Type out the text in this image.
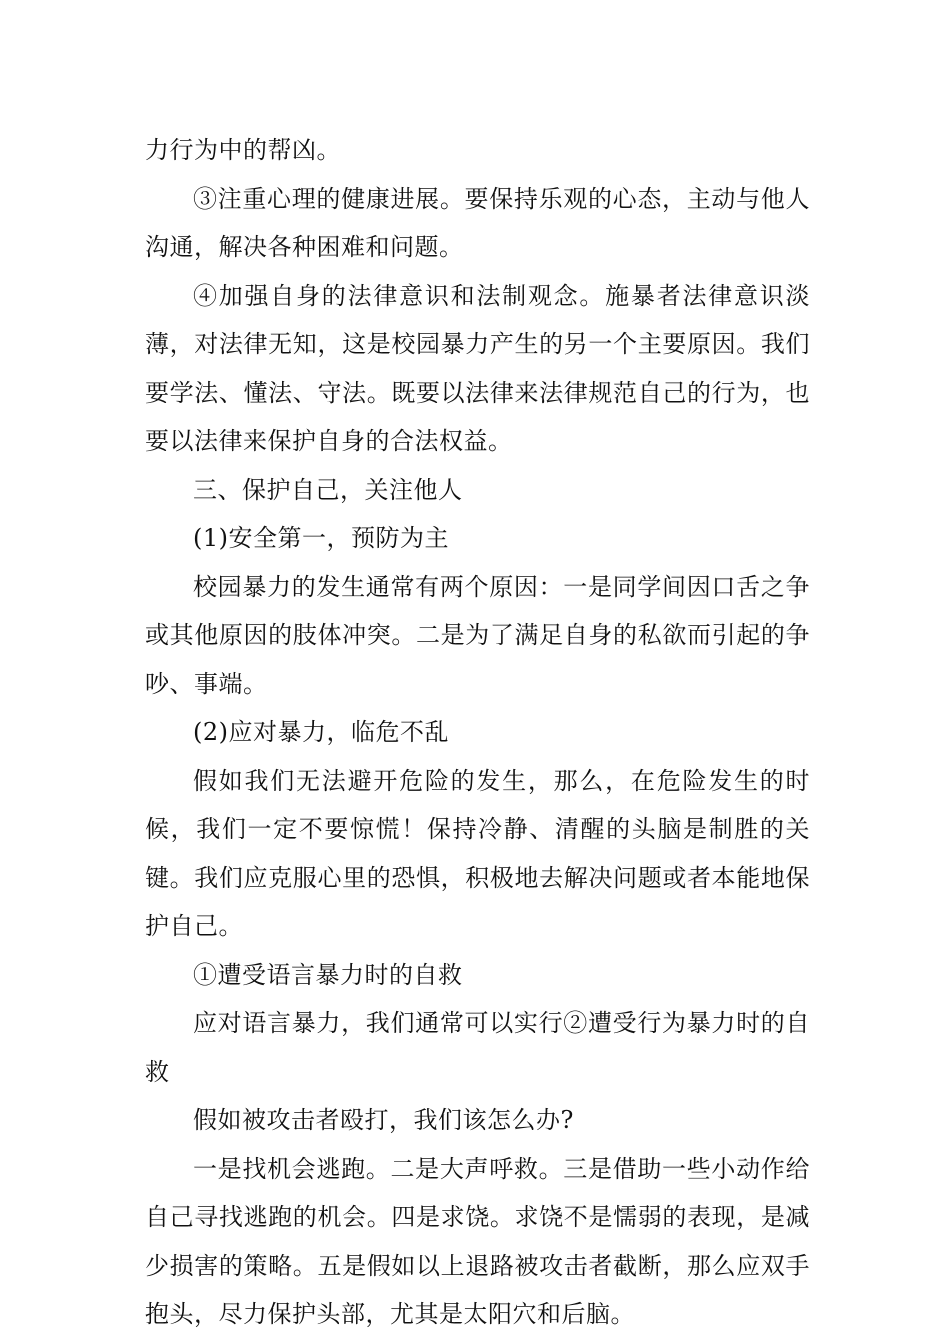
力行为中的帮凶。

③注重心理的健康进展。要保持乐观的心态，主动与他人沟通，解决各种困难和问题。

④加强自身的法律意识和法制观念。施暴者法律意识淡薄，对法律无知，这是校园暴力产生的另一个主要原因。我们要学法、懂法、守法。既要以法律来法律规范自己的行为，也要以法律来保护自身的合法权益。

三、保护自己，关注他人

(1)安全第一，预防为主

校园暴力的发生通常有两个原因：一是同学间因口舌之争或其他原因的肢体冲突。二是为了满足自身的私欲而引起的争吵、事端。

(2)应对暴力，临危不乱

假如我们无法避开危险的发生，那么，在危险发生的时候，我们一定不要惊慌！保持冷静、清醒的头脑是制胜的关键。我们应克服心里的恐惧，积极地去解决问题或者本能地保护自己。

①遭受语言暴力时的自救

应对语言暴力，我们通常可以实行②遭受行为暴力时的自救

假如被攻击者殴打，我们该怎么办?

一是找机会逃跑。二是大声呼救。三是借助一些小动作给自己寻找逃跑的机会。四是求饶。求饶不是懦弱的表现，是减少损害的策略。五是假如以上退路被攻击者截断，那么应双手抱头，尽力保护头部，尤其是太阳穴和后脑。
